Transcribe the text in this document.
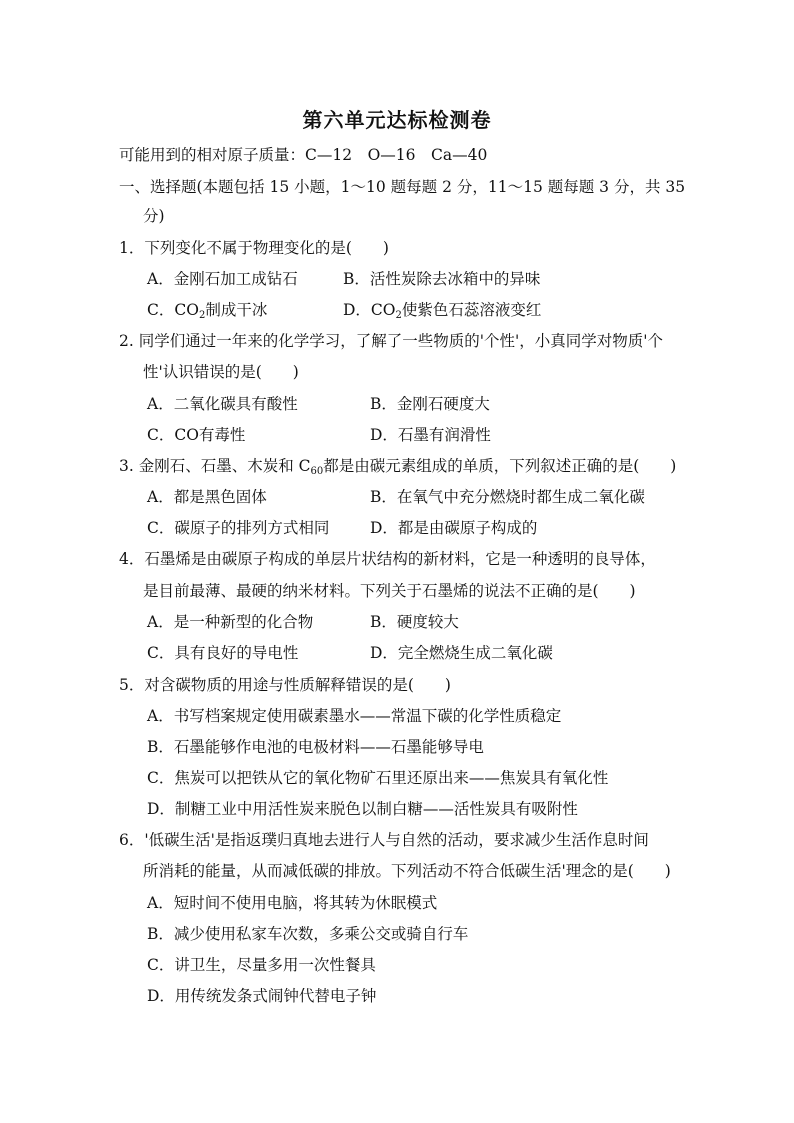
第六单元达标检测卷
可能用到的相对原子质量：C—12　O—16　Ca—40
一、选择题(本题包括 15 小题，1～10 题每题 2 分，11～15 题每题 3 分，共 35
分)
1．下列变化不属于物理变化的是(　　)
A．金刚石加工成钻石	B．活性炭除去冰箱中的异味
C．$CO_2$制成干冰	D．$CO_2$使紫色石蕊溶液变红
2. 同学们通过一年来的化学学习，了解了一些物质的'个性'，小真同学对物质'个
性'认识错误的是(　　)
A．二氧化碳具有酸性	B．金刚石硬度大
C．CO有毒性	D．石墨有润滑性
3. 金刚石、石墨、木炭和 $C_{60}$都是由碳元素组成的单质，下列叙述正确的是(　　)
A．都是黑色固体	B．在氧气中充分燃烧时都生成二氧化碳
C．碳原子的排列方式相同	D．都是由碳原子构成的
4．石墨烯是由碳原子构成的单层片状结构的新材料，它是一种透明的良导体，
是目前最薄、最硬的纳米材料。下列关于石墨烯的说法不正确的是(　　)
A．是一种新型的化合物	B．硬度较大
C．具有良好的导电性	D．完全燃烧生成二氧化碳
5．对含碳物质的用途与性质解释错误的是(　　)
A．书写档案规定使用碳素墨水——常温下碳的化学性质稳定
B．石墨能够作电池的电极材料——石墨能够导电
C．焦炭可以把铁从它的氧化物矿石里还原出来——焦炭具有氧化性
D．制糖工业中用活性炭来脱色以制白糖——活性炭具有吸附性
6．'低碳生活'是指返璞归真地去进行人与自然的活动，要求减少生活作息时间
所消耗的能量，从而减低碳的排放。下列活动不符合低碳生活'理念的是(　　)
A．短时间不使用电脑，将其转为休眠模式
B．减少使用私家车次数，多乘公交或骑自行车
C．讲卫生，尽量多用一次性餐具
D．用传统发条式闹钟代替电子钟
